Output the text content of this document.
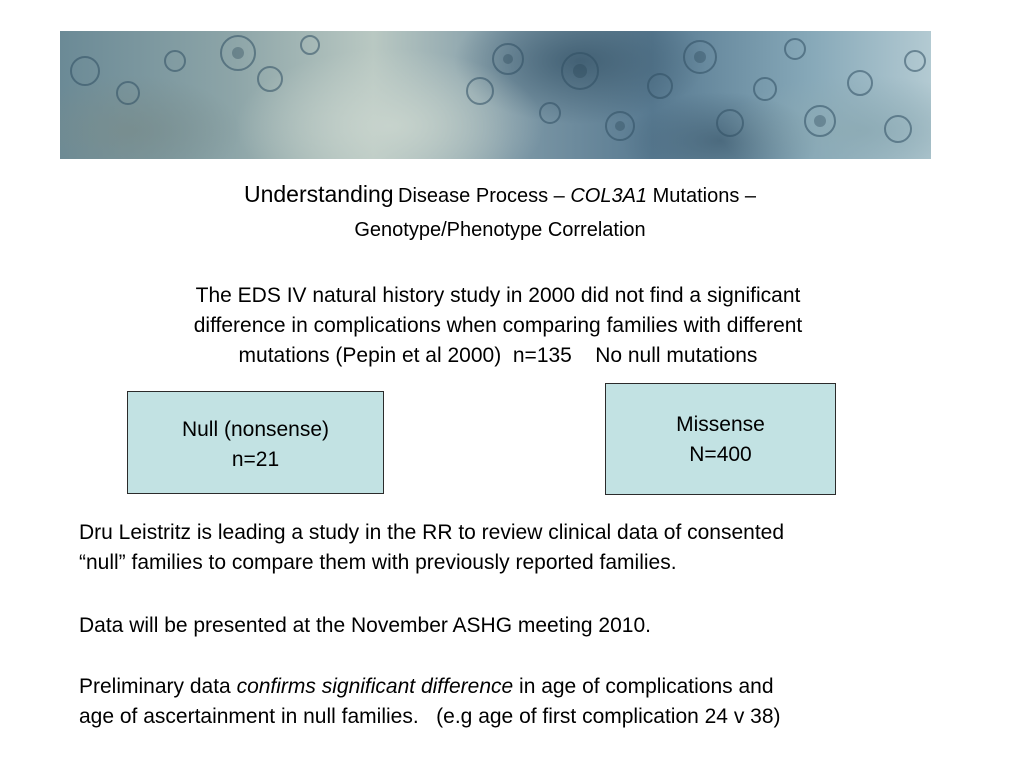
Understanding Disease Process – COL3A1 Mutations –
Genotype/Phenotype Correlation
The EDS IV natural history study in 2000 did not find a significant
difference in complications when comparing families with different
mutations (Pepin et al 2000)  n=135    No null mutations
Null (nonsense)
n=21
Missense
N=400
Dru Leistritz is leading a study in the RR to review clinical data of consented
“null” families to compare them with previously reported families.
Data will be presented at the November ASHG meeting 2010.
Preliminary data confirms significant difference in age of complications and
age of ascertainment in null families.   (e.g age of first complication 24 v 38)
